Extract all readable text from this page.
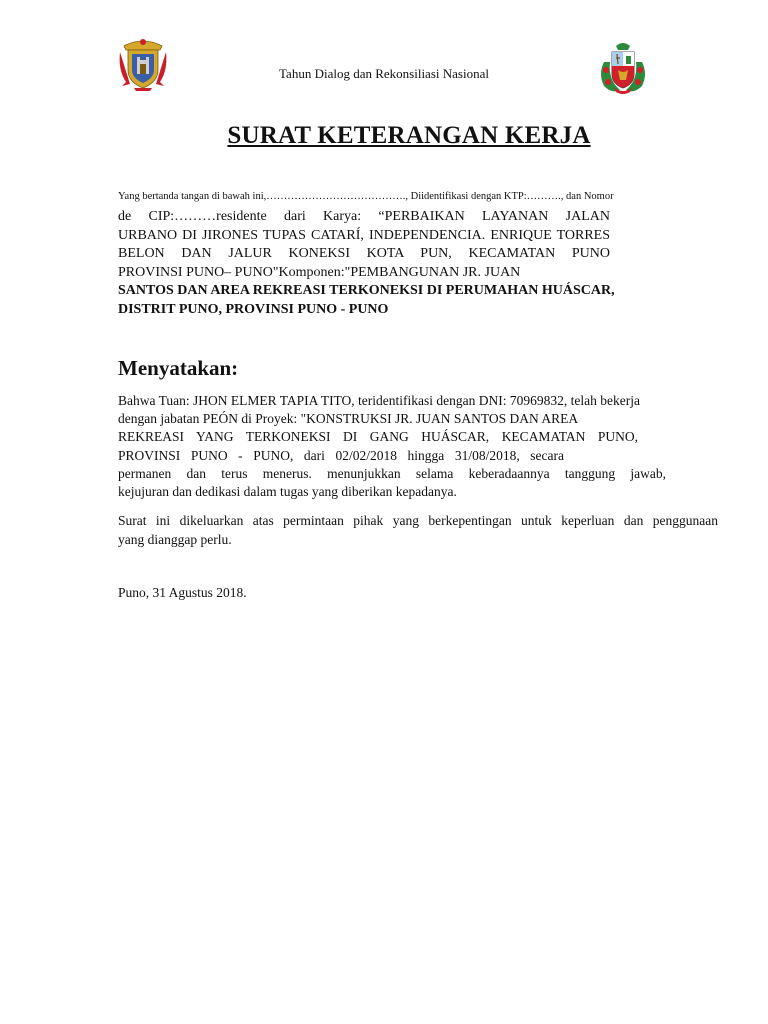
Tahun Dialog dan Rekonsiliasi Nasional
SURAT KETERANGAN KERJA
Yang bertanda tangan di bawah ini,…………………………………., Diidentifikasi dengan KTP:………., dan Nomor
de CIP:………residente dari Karya: “PERBAIKAN LAYANAN JALAN
URBANO DI JIRONES TUPAS CATARÍ, INDEPENDENCIA. ENRIQUE TORRES
BELON DAN JALUR KONEKSI KOTA PUN, KECAMATAN PUNO
PROVINSI PUNO– PUNO"Komponen:"PEMBANGUNAN JR. JUAN
SANTOS DAN AREA REKREASI TERKONEKSI DI PERUMAHAN HUÁSCAR,
DISTRIT PUNO, PROVINSI PUNO - PUNO
Menyatakan:
Bahwa Tuan: JHON ELMER TAPIA TITO, teridentifikasi dengan DNI: 70969832, telah bekerja
dengan jabatan PEÓN di Proyek: "KONSTRUKSI JR. JUAN SANTOS DAN AREA
REKREASI YANG TERKONEKSI DI GANG HUÁSCAR, KECAMATAN PUNO,
PROVINSI PUNO - PUNO, dari 02/02/2018 hingga 31/08/2018, secara
permanen dan terus menerus. menunjukkan selama keberadaannya tanggung jawab,
kejujuran dan dedikasi dalam tugas yang diberikan kepadanya.
Surat ini dikeluarkan atas permintaan pihak yang berkepentingan untuk keperluan dan penggunaan
yang dianggap perlu.
Puno, 31 Agustus 2018.
